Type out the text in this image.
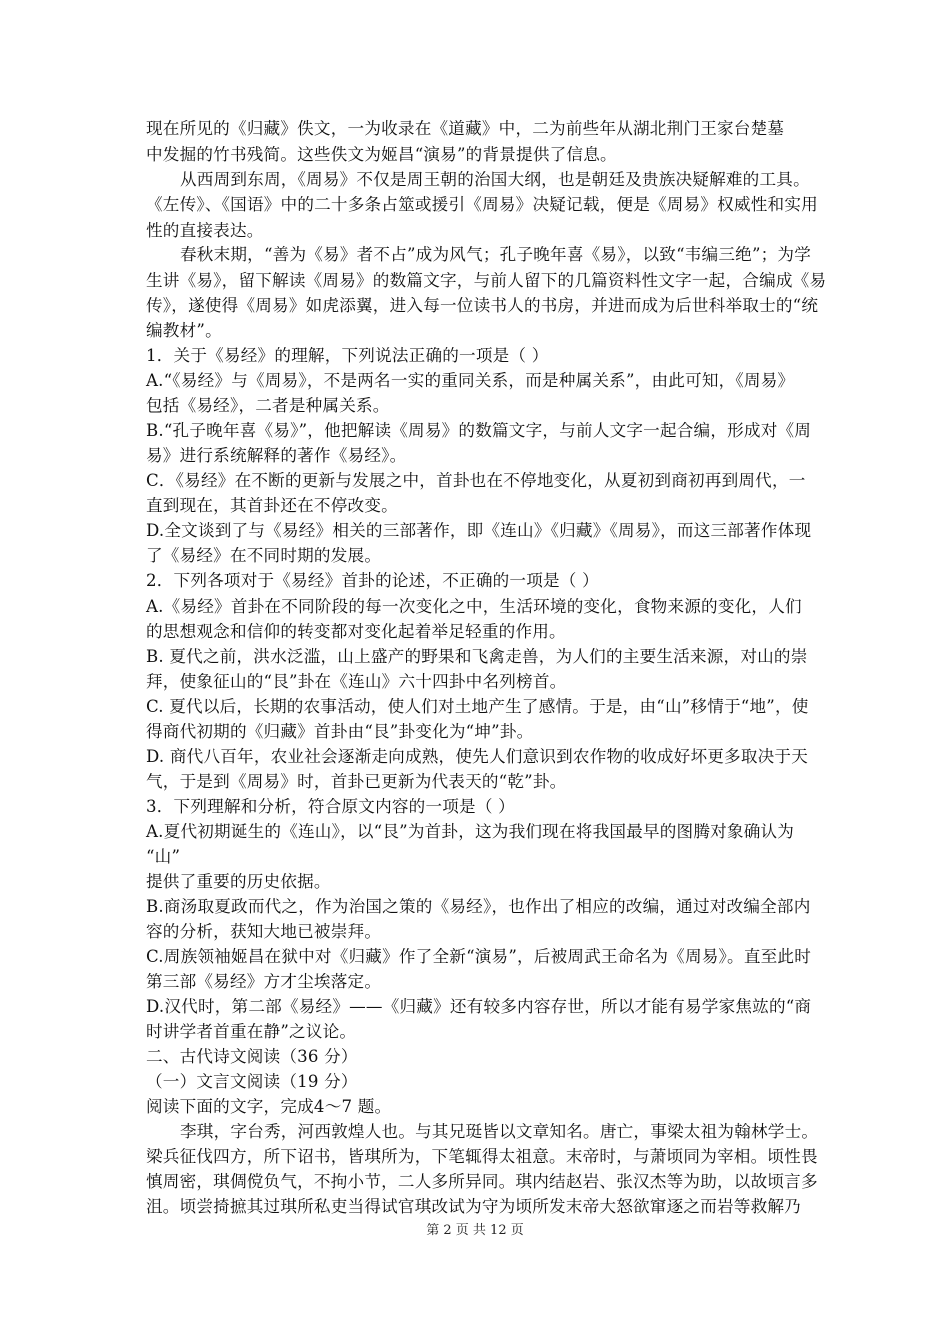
现在所见的《归藏》佚文，一为收录在《道藏》中，二为前些年从湖北荆门王家台楚墓
中发掘的竹书残简。这些佚文为姬昌“演易”的背景提供了信息。
从西周到东周，《周易》不仅是周王朝的治国大纲，也是朝廷及贵族决疑解难的工具。
《左传》、《国语》中的二十多条占筮或援引《周易》决疑记载，便是《周易》权威性和实用
性的直接表达。
春秋末期，“善为《易》者不占”成为风气；孔子晚年喜《易》，以致“韦编三绝”；为学
生讲《易》，留下解读《周易》的数篇文字，与前人留下的几篇资料性文字一起，合编成《易
传》，遂使得《周易》如虎添翼，进入每一位读书人的书房，并进而成为后世科举取士的“统
编教材”。
1．关于《易经》的理解，下列说法正确的一项是（ ）
A.“《易经》与《周易》，不是两名一实的重同关系，而是种属关系”，由此可知，《周易》
包括《易经》，二者是种属关系。
B.“孔子晚年喜《易》”，他把解读《周易》的数篇文字，与前人文字一起合编，形成对《周
易》进行系统解释的著作《易经》。
C．《易经》在不断的更新与发展之中，首卦也在不停地变化，从夏初到商初再到周代，一
直到现在，其首卦还在不停改变。
D.全文谈到了与《易经》相关的三部著作，即《连山》《归藏》《周易》，而这三部著作体现
了《易经》在不同时期的发展。
2．下列各项对于《易经》首卦的论述，不正确的一项是（ ）
A.《易经》首卦在不同阶段的每一次变化之中，生活环境的变化，食物来源的变化，人们
的思想观念和信仰的转变都对变化起着举足轻重的作用。
B. 夏代之前，洪水泛滥，山上盛产的野果和飞禽走兽，为人们的主要生活来源，对山的崇
拜，使象征山的“艮”卦在《连山》六十四卦中名列榜首。
C. 夏代以后，长期的农事活动，使人们对土地产生了感情。于是，由“山”移情于“地”，使
得商代初期的《归藏》首卦由“艮”卦变化为“坤”卦。
D. 商代八百年，农业社会逐渐走向成熟，使先人们意识到农作物的收成好坏更多取决于天
气，于是到《周易》时，首卦已更新为代表天的“乾”卦。
3．下列理解和分析，符合原文内容的一项是（ ）
A.夏代初期诞生的《连山》，以“艮”为首卦，这为我们现在将我国最早的图腾对象确认为
“山”
提供了重要的历史依据。
B.商汤取夏政而代之，作为治国之策的《易经》，也作出了相应的改编，通过对改编全部内
容的分析，获知大地已被崇拜。
C.周族领袖姬昌在狱中对《归藏》作了全新“演易”，后被周武王命名为《周易》。直至此时
第三部《易经》方才尘埃落定。
D.汉代时，第二部《易经》——《归藏》还有较多内容存世，所以才能有易学家焦竑的“商
时讲学者首重在静”之议论。
二、古代诗文阅读（36 分）
（一）文言文阅读（19 分）
阅读下面的文字，完成4～7 题。
李琪，字台秀，河西敦煌人也。与其兄珽皆以文章知名。唐亡，事梁太祖为翰林学士。
梁兵征伐四方，所下诏书，皆琪所为，下笔辄得太祖意。末帝时，与萧顷同为宰相。顷性畏
慎周密，琪倜傥负气，不拘小节，二人多所异同。琪内结赵岩、张汉杰等为助，以故顷言多
沮。顷尝掎摭其过琪所私吏当得试官琪改试为守为顷所发末帝大怒欲窜逐之而岩等救解乃
第 2 页 共 12 页
